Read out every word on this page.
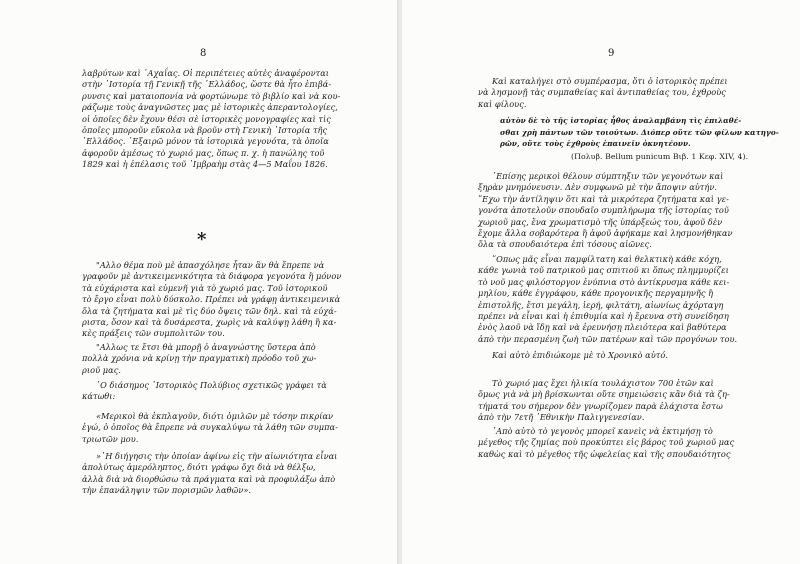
8	9

λαβρύτων καὶ ᾿Αχαΐας. Οἱ περιπέτειες αὐτὲς ἀναφέρονται

στὴν ῾Ιστορία τῇ Γενικῇ τῆς ῾Ελλάδος, ὥστε θὰ ἦτο ἐπιβά-

ρυνσις καὶ ματαιοπονία νὰ φορτώνωμε τὸ βιβλίο καὶ νὰ κου-

ράζωμε τοὺς ἀναγνῶστες μας μὲ ἱστορικὲς ἀπεραντολογίες,

οἱ ὁποῖες δὲν ἔχουν θέσι σὲ ἱστορικὲς μονογραφίες καὶ τὶς

ὁποῖες μποροῦν εὔκολα νὰ βροῦν στὴ Γενικὴ ῾Ιστορία τῆς

῾Ελλάδος. ᾿Εξαιρῶ μόνον τὰ ἱστορικὰ γεγονότα, τὰ ὁποῖα

ἀφοροῦν ἀμέσως τὸ χωριό μας, ὅπως π. χ. ἡ πανώλης τοῦ

1829 καὶ ἡ ἐπέλασις τοῦ ᾿Ιμβραὴμ στὰς 4—5 Μαΐου 1826.

*

"Αλλο θέμα ποὺ μὲ ἀπασχόλησε ἦταν ἂν θὰ ἔπρεπε νὰ

γραφοῦν μὲ ἀντικειμενικότητα τὰ διάφορα γεγονότα ἢ μόνον

τὰ εὐχάριστα καὶ εὐμενῆ γιὰ τὸ χωριό μας. Τοῦ ἱστορικοῦ

τὸ ἔργο εἶναι πολὺ δύσκολο. Πρέπει νὰ γράφῃ ἀντικειμενικὰ

ὅλα τὰ ζητήματα καὶ μὲ τὶς δύο ὄψεις τῶν δηλ. καὶ τὰ εὐχά-

ριστα, ὅσον καὶ τὰ δυσάρεστα, χωρὶς νὰ καλύψῃ λάθη ἢ κα-

κὲς πράξεις τῶν συμπολιτῶν του.

"Αλλως τε ἔτσι θὰ μπορῇ ὁ ἀναγνώστης ὕστερα ἀπὸ

πολλὰ χρόνια νὰ κρίνῃ τὴν πραγματικὴ πρόοδο τοῦ χω-

ριοῦ μας.

῾Ο διάσημος ῾Ιστορικὸς Πολύβιος σχετικῶς γράφει τὰ

κάτωθι:

«Μερικοὶ θὰ ἐκπλαγοῦν, διότι ὁμιλῶν μὲ τόσην πικρίαν

ἐγώ, ὁ ὁποῖος θὰ ἔπρεπε νὰ συγκαλύψω τὰ λάθη τῶν συμπα-

τριωτῶν μου.

»῾Η διήγησις τὴν ὁποίαν ἀφίνω εἰς τὴν αἰωνιότητα εἶναι

ἀπολύτως ἀμερόληπτος, διότι γράφω ὄχι διὰ νὰ θέλξω,

ἀλλὰ διὰ νὰ διορθώσω τὰ πράγματα καὶ νὰ προφυλάξω ἀπὸ

τὴν ἐπανάληψιν τῶν πορισμῶν λαθῶν».

Καὶ καταλήγει στὸ συμπέρασμα, ὅτι ὁ ἱστορικὸς πρέπει

νὰ λησμονῇ τὰς συμπαθείας καὶ ἀντιπαθείας του, ἐχθροὺς

καὶ φίλους.

αὐτὸν δὲ τὸ τῆς ἱστορίας ἦθος ἀναλαμβάνη τὶς ἐπιλαθέ-

σθαι χρὴ πάντων τῶν τοιούτων. Διόπερ οὔτε τῶν φίλων κατηγο-

ρῶν, οὔτε τοὺς ἐχθροὺς ἐπαινεῖν ὀκνητέονν.

(Πολυβ. Bellum punicum Βιβ. 1 Κεφ. XIV, 4).

᾿Επίσης μερικοὶ θέλουν σύμπτηξιν τῶν γεγονότων καὶ

ξηρὰν μνημόνευσιν. Δὲν συμφωνῶ μὲ τὴν ἄποψιν αὐτήν.

῎Εχω τὴν ἀντίληψιν ὅτι καὶ τὰ μικρότερα ζητήματα καὶ γε-

γονότα ἀποτελοῦν σπουδαῖο συμπλήρωμα τῆς ἱστορίας τοῦ

χωριοῦ μας, ἔνα χρωματισμὸ τῆς ὑπάρξεώς του, ἀφοῦ δὲν

ἔχομε ἄλλα σοβαρότερα ἢ ἀφοῦ ἀφήκαμε καὶ λησμονήθηκαν

ὅλα τὰ σπουδαιότερα ἐπὶ τόσους αἰῶνες.

῞Οπως μᾶς εἶναι παμφίλτατη καὶ θελκτικὴ κάθε κόχη,

κάθε γωνιὰ τοῦ πατρικοῦ μας σπιτιοῦ κι ὅπως πλημμυρίζει

τὸ νοῦ μας φιλόστοργον ἐνύπνια στὸ ἀντίκρυσμα κάθε κει-

μηλίου, κάθε ἐγγράφου, κάθε προγονικῆς περγαμηνῆς ἢ

ἐπιστολῆς, ἔτσι μεγάλη, ἱερή, φιλτάτη, αἰωνίως ἀχόρταγη

πρέπει νὰ εἶναι καὶ ἡ ἐπιθυμία καὶ ἡ ἔρευνα στὴ συνείδηση

ἑνὸς λαοῦ νὰ ἴδῃ καὶ νὰ ἐρευνήσῃ πλειότερα καὶ βαθύτερα

ἀπὸ τὴν περασμένη ζωὴ τῶν πατέρων καὶ τῶν προγόνων του.

Καὶ αὐτὸ ἐπιδιώκομε μὲ τὸ Χρονικὸ αὐτό.

Τὸ χωριό μας ἔχει ἡλικία τουλάχιστον 700 ἐτῶν καὶ

ὅμως γιὰ νὰ μὴ βρίσκωνται οὔτε σημειώσεις κἂν διὰ τὰ ζη-

τήματά του σήμερον δὲν γνωρίζομεν παρὰ ἐλάχιστα ἔστω

ἀπὸ τὴν 7ετῆ ᾿Εθνικὴν Παλιγγενεσίαν.

᾿Απὸ αὐτὸ τὸ γεγονὸς μπορεῖ κανεὶς νὰ ἐκτιμήσῃ τὸ

μέγεθος τῆς ζημίας ποὺ προκύπτει εἰς βάρος τοῦ χωριοῦ μας

καθὼς καὶ τὸ μέγεθος τῆς ὠφελείας καὶ τῆς σπουδαιότητος
